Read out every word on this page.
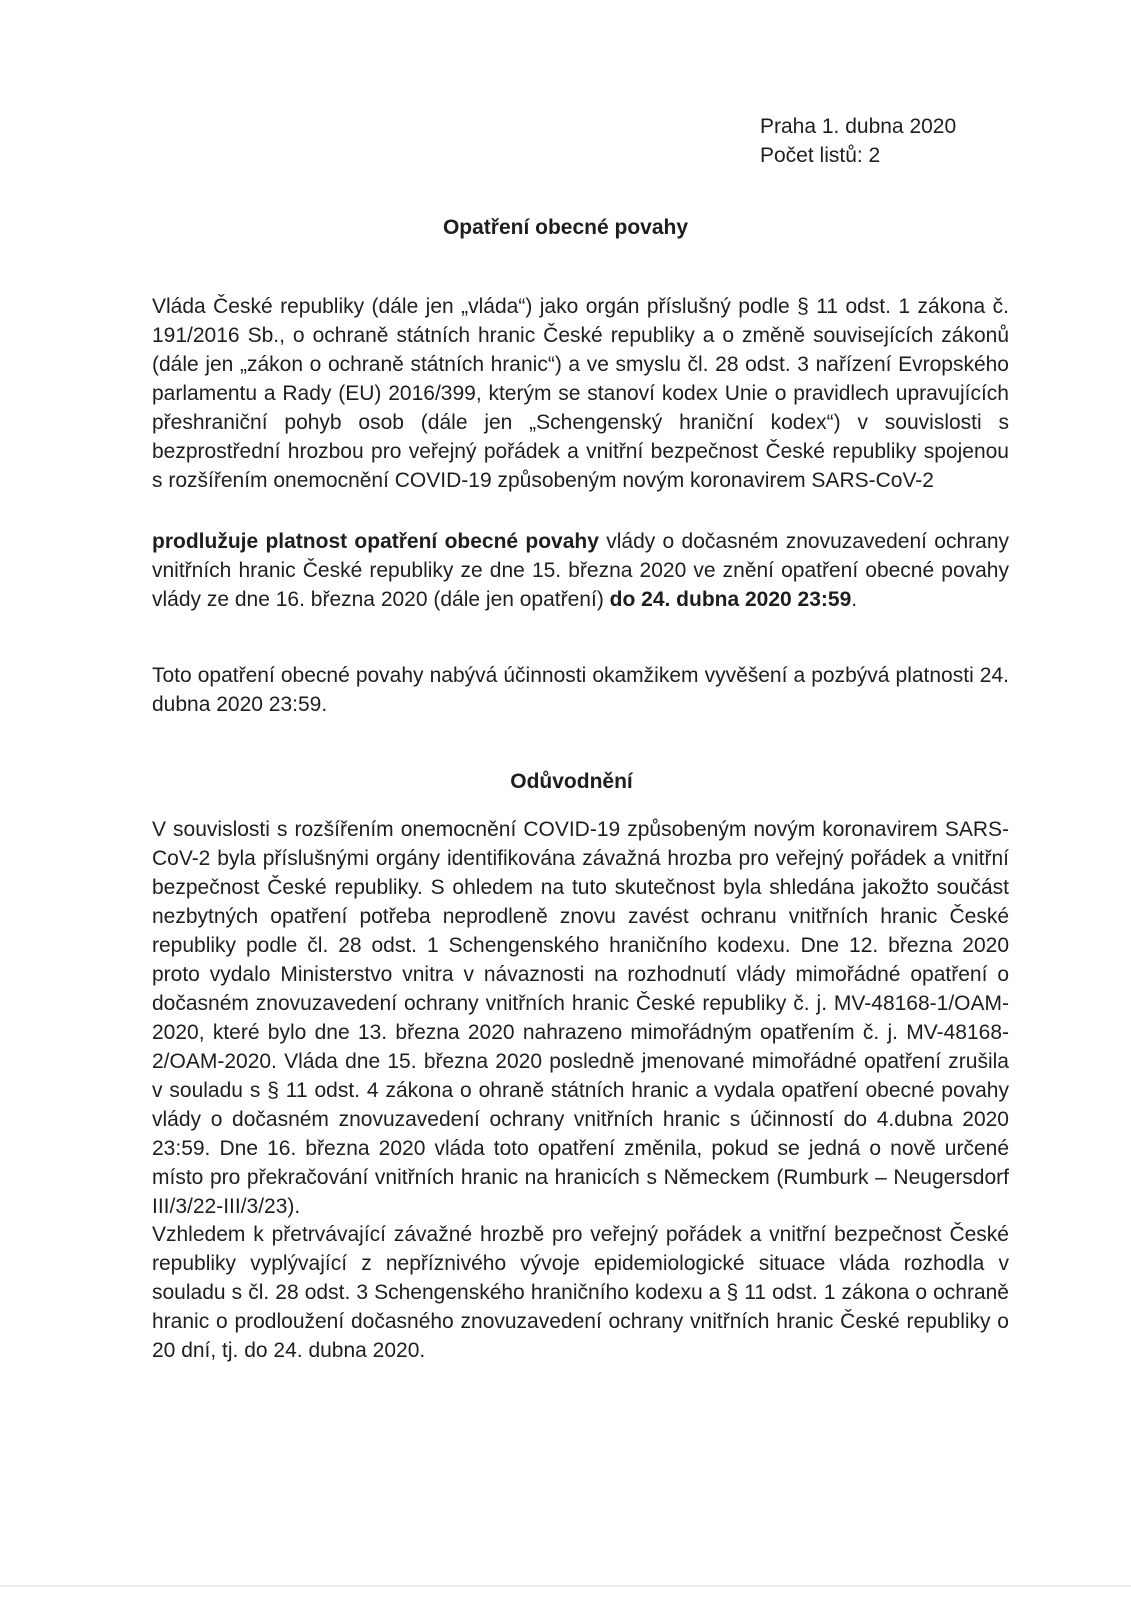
Praha 1. dubna 2020
Počet listů: 2
Opatření obecné povahy

Vláda České republiky (dále jen „vláda“) jako orgán příslušný podle § 11 odst. 1 zákona č. 191/2016 Sb., o ochraně státních hranic České republiky a o změně souvisejících zákonů (dále jen „zákon o ochraně státních hranic“) a ve smyslu čl. 28 odst. 3 nařízení Evropského parlamentu a Rady (EU) 2016/399, kterým se stanoví kodex Unie o pravidlech upravujících přeshraniční pohyb osob (dále jen „Schengenský hraniční kodex“) v souvislosti s bezprostřední hrozbou pro veřejný pořádek a vnitřní bezpečnost České republiky spojenou s rozšířením onemocnění COVID-19 způsobeným novým koronavirem SARS-CoV-2

prodlužuje platnost opatření obecné povahy vlády o dočasném znovuzavedení ochrany vnitřních hranic České republiky ze dne 15. března 2020 ve znění opatření obecné povahy vlády ze dne 16. března 2020 (dále jen opatření) do 24. dubna 2020 23:59.

Toto opatření obecné povahy nabývá účinnosti okamžikem vyvěšení a pozbývá platnosti 24. dubna 2020 23:59.

Odůvodnění

V souvislosti s rozšířením onemocnění COVID-19 způsobeným novým koronavirem SARS-CoV-2 byla příslušnými orgány identifikována závažná hrozba pro veřejný pořádek a vnitřní bezpečnost České republiky. S ohledem na tuto skutečnost byla shledána jakožto součást nezbytných opatření potřeba neprodleně znovu zavést ochranu vnitřních hranic České republiky podle čl. 28 odst. 1 Schengenského hraničního kodexu. Dne 12. března 2020 proto vydalo Ministerstvo vnitra v návaznosti na rozhodnutí vlády mimořádné opatření o dočasném znovuzavedení ochrany vnitřních hranic České republiky č. j. MV-48168-1/OAM-2020, které bylo dne 13. března 2020 nahrazeno mimořádným opatřením č. j. MV-48168-2/OAM-2020. Vláda dne 15. března 2020 posledně jmenované mimořádné opatření zrušila v souladu s § 11 odst. 4 zákona o ohraně státních hranic a vydala opatření obecné povahy vlády o dočasném znovuzavedení ochrany vnitřních hranic s účinností do 4.dubna 2020 23:59. Dne 16. března 2020 vláda toto opatření změnila, pokud se jedná o nově určené místo pro překračování vnitřních hranic na hranicích s Německem (Rumburk – Neugersdorf III/3/22-III/3/23).

Vzhledem k přetrvávající závažné hrozbě pro veřejný pořádek a vnitřní bezpečnost České republiky vyplývající z nepříznivého vývoje epidemiologické situace vláda rozhodla v souladu s čl. 28 odst. 3 Schengenského hraničního kodexu a § 11 odst. 1 zákona o ochraně hranic o prodloužení dočasného znovuzavedení ochrany vnitřních hranic České republiky o 20 dní, tj. do 24. dubna 2020.
